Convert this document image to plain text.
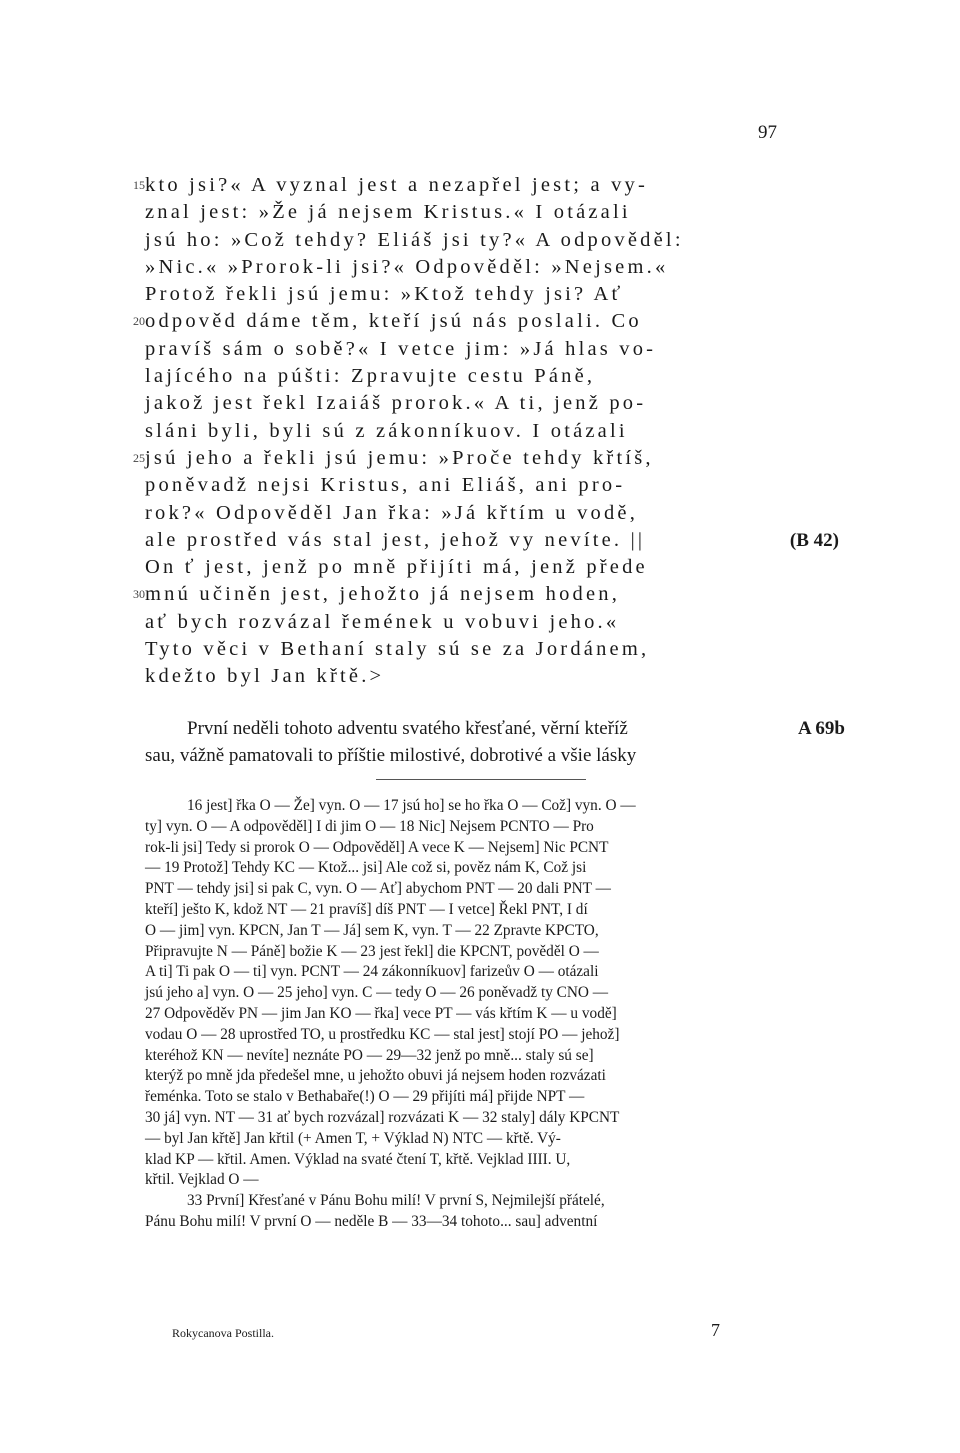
97
15 kto jsi?« A vyznal jest a nezapřel jest; a vy-
znal jest: »Že já nejsem Kristus.« I otázali
jsú ho: »Což tehdy? Eliáš jsi ty?« A odpověděl:
»Nic.« »Prorok-li jsi?« Odpověděl: »Nejsem.«
Protož řekli jsú jemu: »Ktož tehdy jsi? Ať
20 odpověd dáme těm, kteří jsú nás poslali. Co
pravíš sám o sobě?« I vetce jim: »Já hlas vo-
lajícého na púšti: Zpravujte cestu Páně,
jakož jest řekl Izaiáš prorok.« A ti, jenž po-
sláni byli, byli sú z zákonníkuov. I otázali
25 jsú jeho a řekli jsú jemu: »Proče tehdy křtíš,
poněvadž nejsi Kristus, ani Eliáš, ani pro-
rok?« Odpověděl Jan řka: »Já křtím u vodě,
ale prostřed vás stal jest, jehož vy nevíte. ||	(B 42)
On ť jest, jenž po mně přijíti má, jenž přede
30 mnú učiněn jest, jehožto já nejsem hoden,
ať bych rozvázal řemének u vobuvi jeho.«
Tyto věci v Bethaní staly sú se za Jordánem,
kdežto byl Jan křtě.>
První neděli tohoto adventu svatého křesťané, věrní kteříž	A 69b
sau, vážně pamatovali to příštie milostivé, dobrotivé a všie lásky
16 jest] řka O — Že] vyn. O — 17 jsú ho] se ho řka O — Což] vyn. O —
ty] vyn. O — A odpověděl] I di jim O — 18 Nic] Nejsem PCNTO — Pro
rok-li jsi] Tedy si prorok O — Odpověděl] A vece K — Nejsem] Nic PCNT
— 19 Protož] Tehdy KC — Ktož... jsi] Ale což si, pověz nám K, Což jsi
PNT — tehdy jsi] si pak C, vyn. O — Ať] abychom PNT — 20 dali PNT —
kteří] ješto K, kdož NT — 21 pravíš] díš PNT — I vetce] Řekl PNT, I dí
O — jim] vyn. KPCN, Jan T — Já] sem K, vyn. T — 22 Zpravte KPCTO,
Připravujte N — Páně] božie K — 23 jest řekl] die KPCNT, pověděl O —
A ti] Ti pak O — ti] vyn. PCNT — 24 zákonníkuov] farizeův O — otázali
jsú jeho a] vyn. O — 25 jeho] vyn. C — tedy O — 26 poněvadž ty CNO —
27 Odpověděv PN — jim Jan KO — řka] vece PT — vás křtím K — u vodě]
vodau O — 28 uprostřed TO, u prostředku KC — stal jest] stojí PO — jehož]
kteréhož KN — nevíte] neznáte PO — 29—32 jenž po mně... staly sú se]
kterýž po mně jda předešel mne, u jehožto obuvi já nejsem hoden rozvázati
řeménka. Toto se stalo v Bethabaře(!) O — 29 přijíti má] přijde NPT —
30 já] vyn. NT — 31 ať bych rozvázal] rozvázati K — 32 staly] dály KPCNT
— byl Jan křtě] Jan křtil (+ Amen T, + Výklad N) NTC — křtě. Vý-
klad KP — křtil. Amen. Výklad na svaté čtení T, křtě. Vejklad IIII. U,
křtil. Vejklad O —
33 První] Křesťané v Pánu Bohu milí! V první S, Nejmilejší přátelé,
Pánu Bohu milí! V první O — neděle B — 33—34 tohoto... sau] adventní
Rokycanova Postilla.	7
